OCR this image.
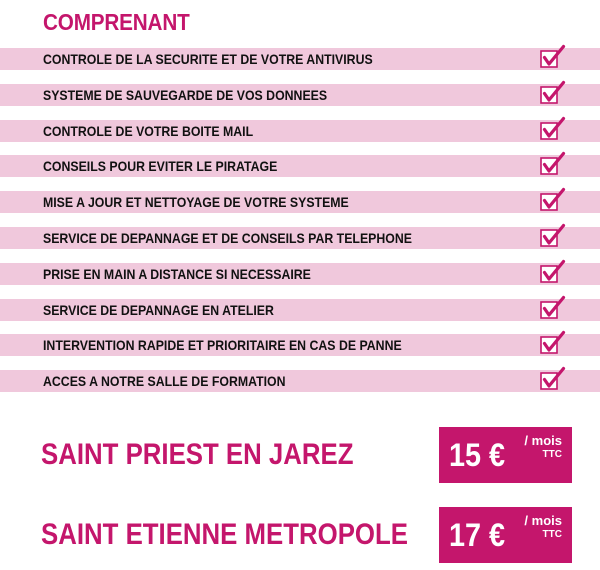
COMPRENANT
CONTROLE DE LA SECURITE ET DE VOTRE ANTIVIRUS
SYSTEME DE SAUVEGARDE DE VOS DONNEES
CONTROLE DE VOTRE BOITE MAIL
CONSEILS POUR EVITER LE PIRATAGE
MISE A JOUR ET NETTOYAGE DE VOTRE SYSTEME
SERVICE DE DEPANNAGE ET DE CONSEILS PAR TELEPHONE
PRISE EN MAIN A DISTANCE SI NECESSAIRE
SERVICE DE DEPANNAGE EN ATELIER
INTERVENTION RAPIDE ET PRIORITAIRE EN CAS DE PANNE
ACCES A NOTRE SALLE DE FORMATION
SAINT PRIEST EN JAREZ	15 € / mois
TTC
SAINT ETIENNE METROPOLE 17 € / mois
TTC
